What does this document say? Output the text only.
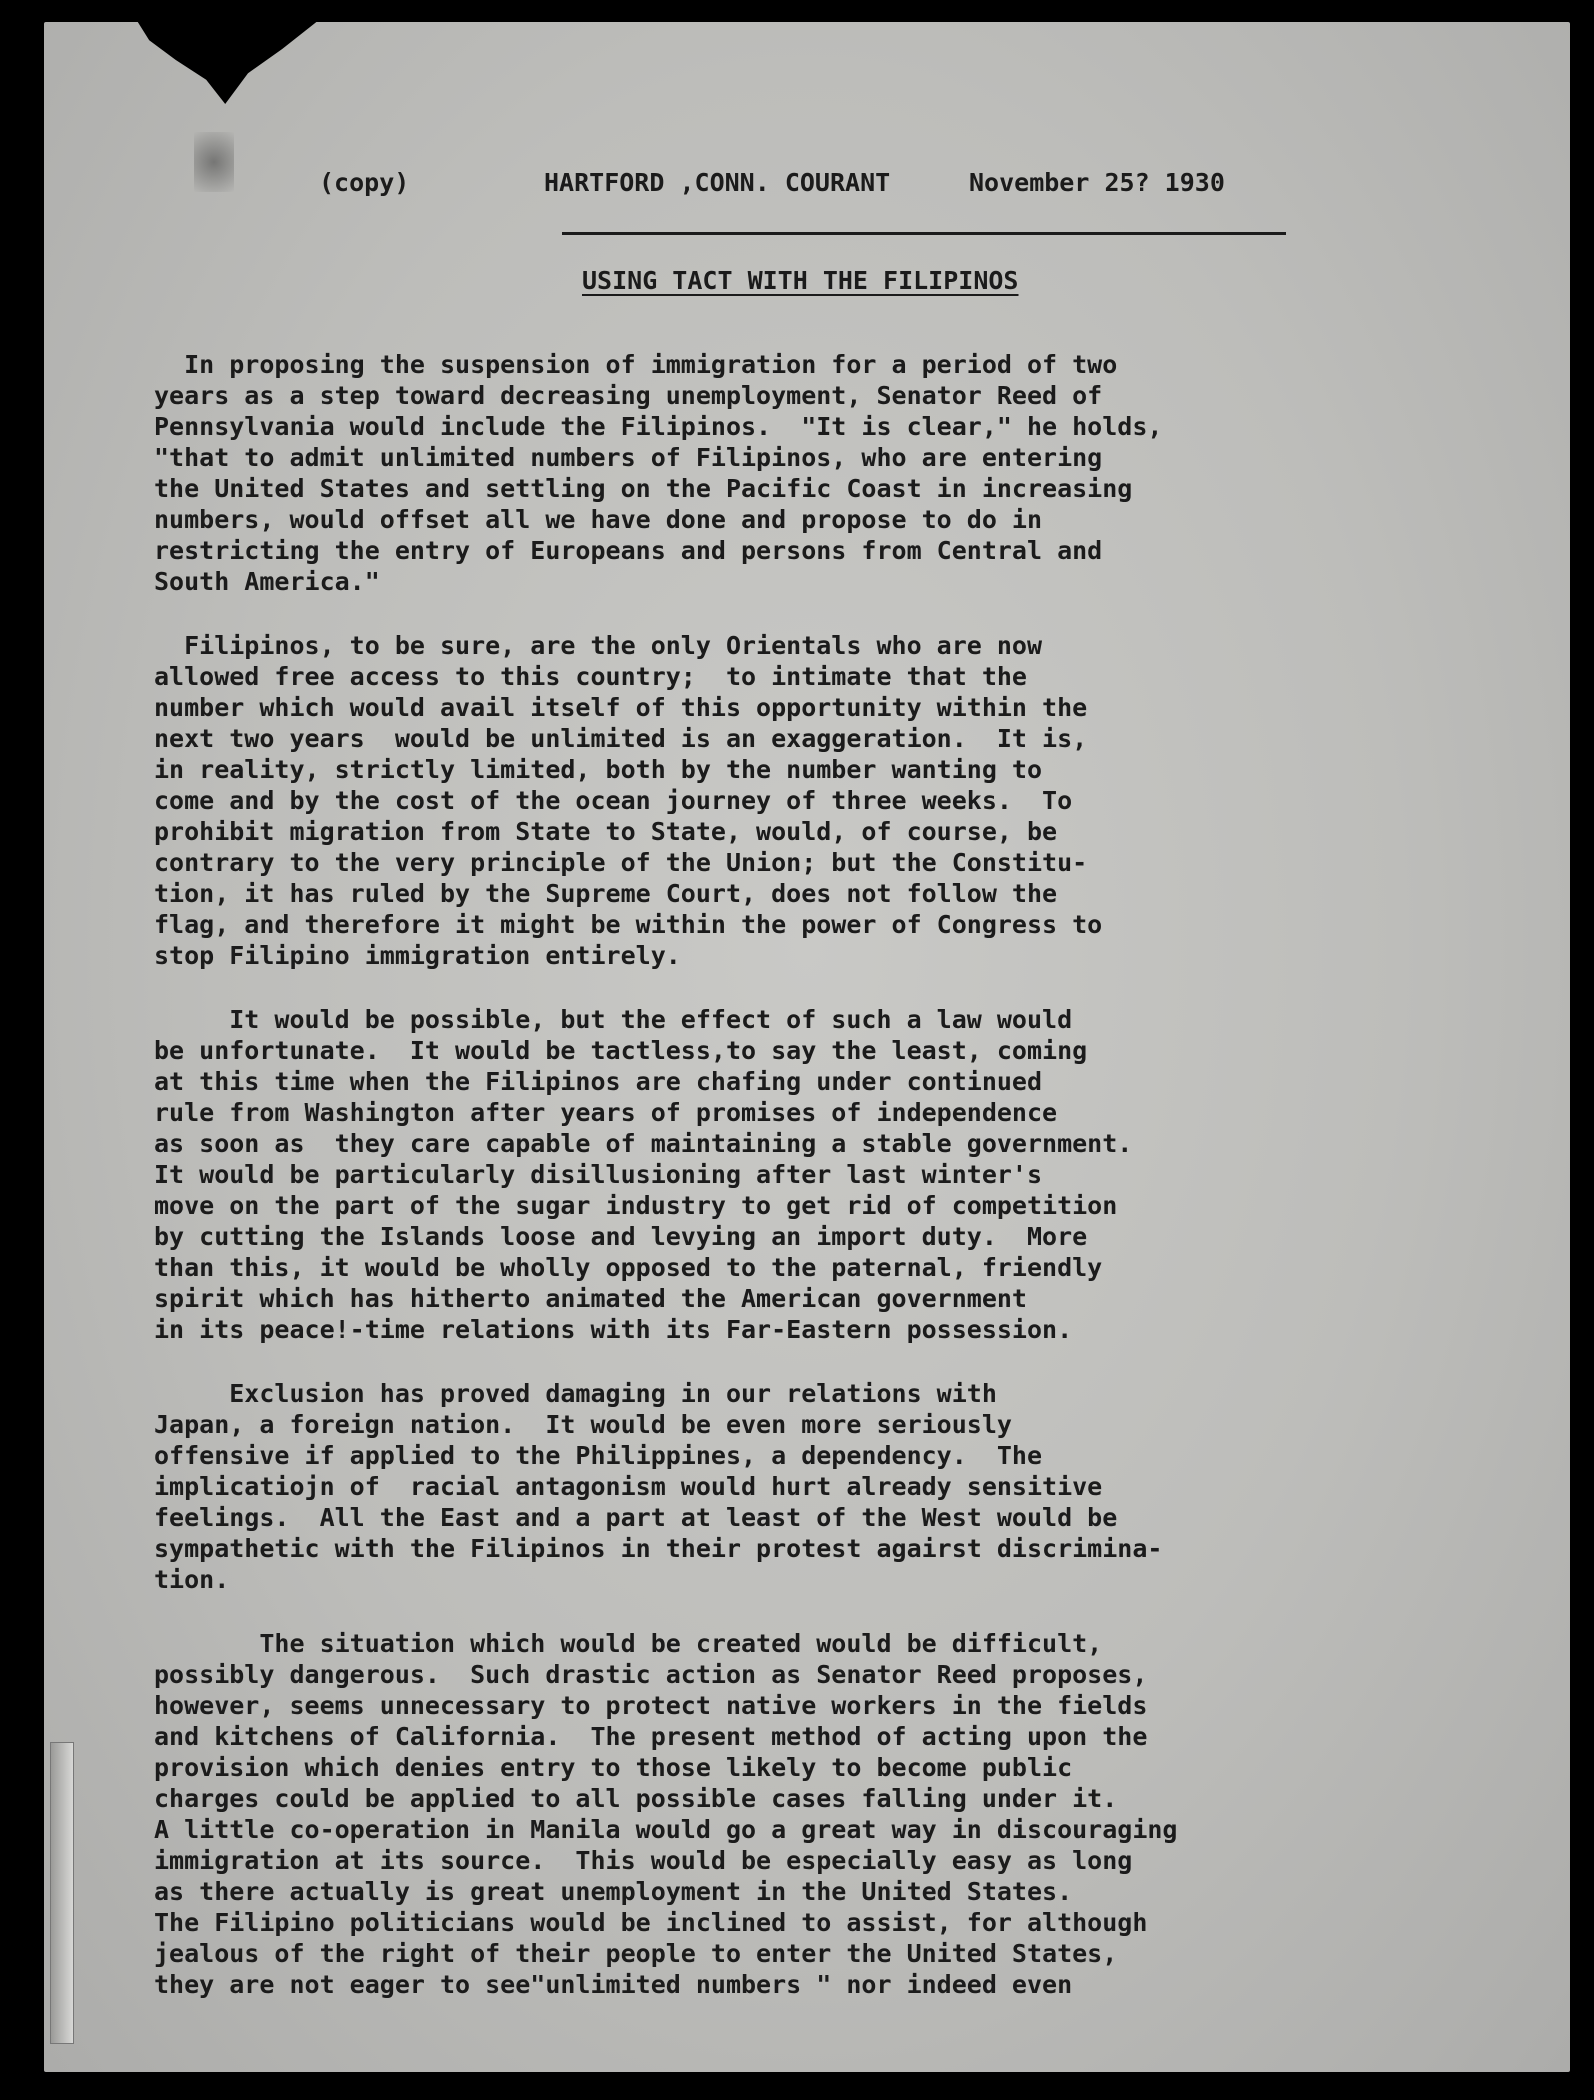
(copy)

	HARTFORD ,CONN. COURANT

	November 25? 1930

USING TACT WITH THE FILIPINOS
In proposing the suspension of immigration for a period of two
years as a step toward decreasing unemployment, Senator Reed of
Pennsylvania would include the Filipinos.  "It is clear," he holds,
"that to admit unlimited numbers of Filipinos, who are entering
the United States and settling on the Pacific Coast in increasing
numbers, would offset all we have done and propose to do in
restricting the entry of Europeans and persons from Central and
South America."
Filipinos, to be sure, are the only Orientals who are now
allowed free access to this country;  to intimate that the
number which would avail itself of this opportunity within the
next two years  would be unlimited is an exaggeration.  It is,
in reality, strictly limited, both by the number wanting to
come and by the cost of the ocean journey of three weeks.  To
prohibit migration from State to State, would, of course, be
contrary to the very principle of the Union; but the Constitu-
tion, it has ruled by the Supreme Court, does not follow the
flag, and therefore it might be within the power of Congress to
stop Filipino immigration entirely.
It would be possible, but the effect of such a law would
be unfortunate.  It would be tactless,to say the least, coming
at this time when the Filipinos are chafing under continued
rule from Washington after years of promises of independence
as soon as  they care capable of maintaining a stable government.
It would be particularly disillusioning after last winter's
move on the part of the sugar industry to get rid of competition
by cutting the Islands loose and levying an import duty.  More
than this, it would be wholly opposed to the paternal, friendly
spirit which has hitherto animated the American government
in its peace!-time relations with its Far-Eastern possession.
Exclusion has proved damaging in our relations with
Japan, a foreign nation.  It would be even more seriously
offensive if applied to the Philippines, a dependency.  The
implicatiojn of  racial antagonism would hurt already sensitive
feelings.  All the East and a part at least of the West would be
sympathetic with the Filipinos in their protest agairst discrimina-
tion.
The situation which would be created would be difficult,
possibly dangerous.  Such drastic action as Senator Reed proposes,
however, seems unnecessary to protect native workers in the fields
and kitchens of California.  The present method of acting upon the
provision which denies entry to those likely to become public
charges could be applied to all possible cases falling under it.
A little co-operation in Manila would go a great way in discouraging
immigration at its source.  This would be especially easy as long
as there actually is great unemployment in the United States.
The Filipino politicians would be inclined to assist, for although
jealous of the right of their people to enter the United States,
they are not eager to see"unlimited numbers " nor indeed even
